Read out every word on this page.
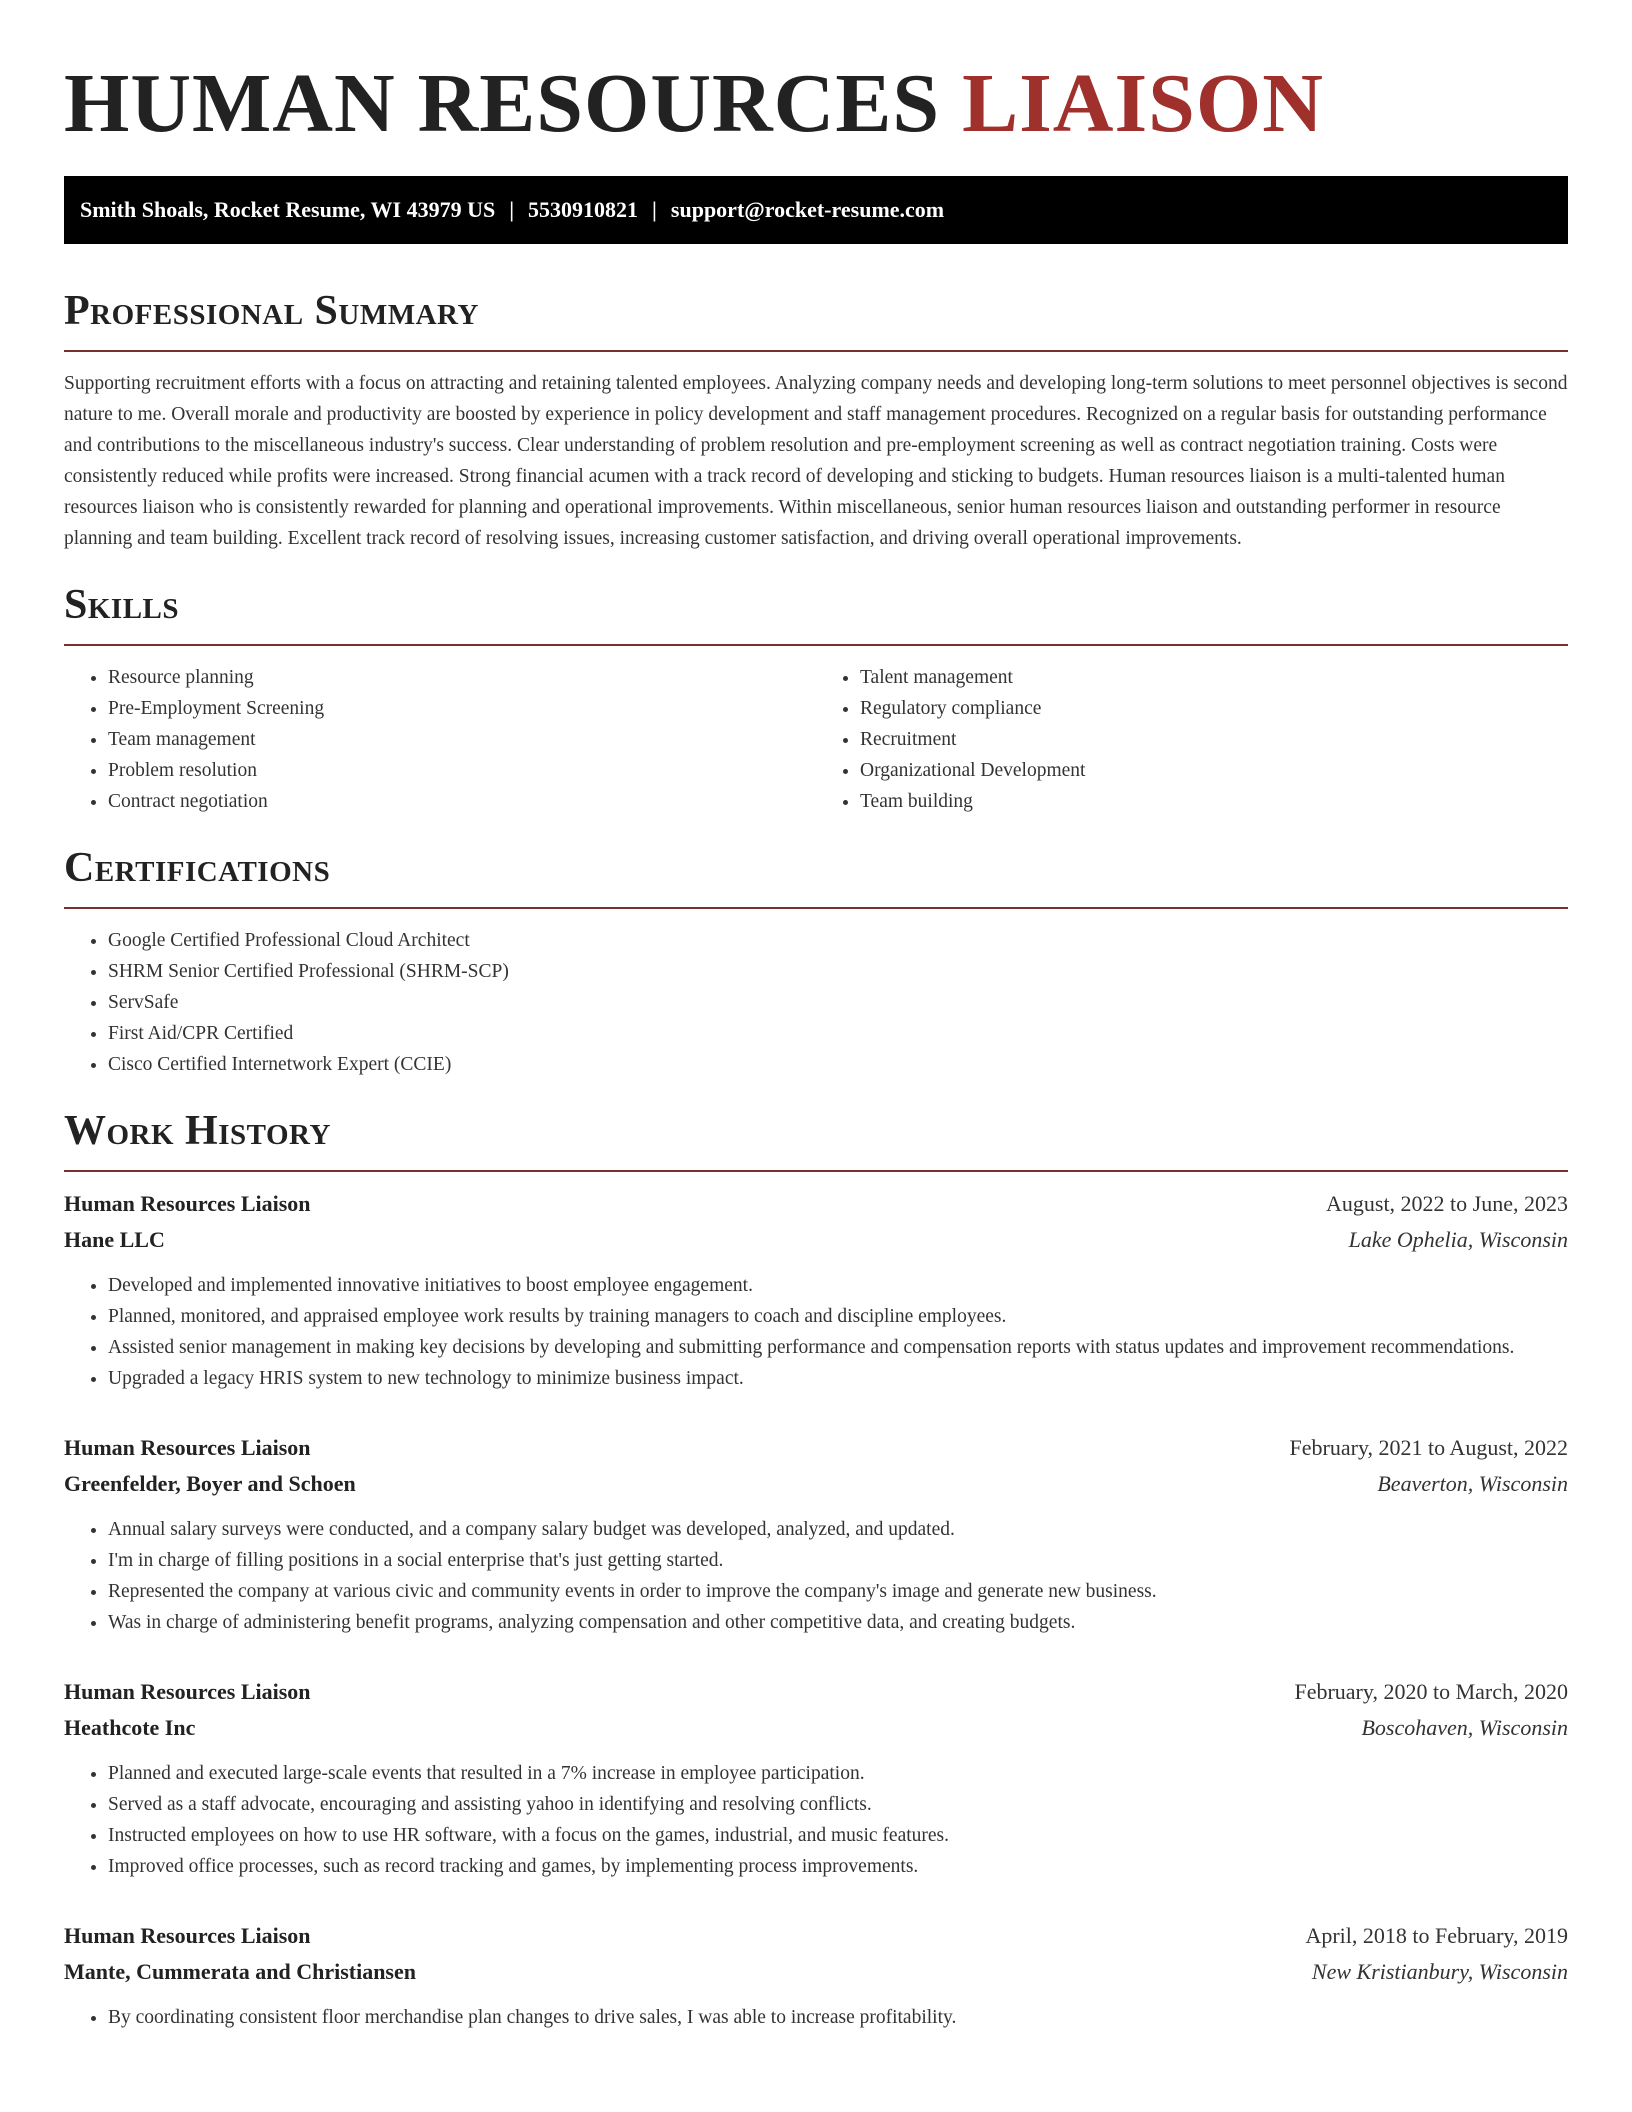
HUMAN RESOURCES LIAISON
Smith Shoals, Rocket Resume, WI 43979 US | 5530910821 | support@rocket-resume.com
Professional Summary

Supporting recruitment efforts with a focus on attracting and retaining talented employees. Analyzing company needs and developing long-term solutions to meet personnel objectives is second nature to me. Overall morale and productivity are boosted by experience in policy development and staff management procedures. Recognized on a regular basis for outstanding performance and contributions to the miscellaneous industry's success. Clear understanding of problem resolution and pre-employment screening as well as contract negotiation training. Costs were consistently reduced while profits were increased. Strong financial acumen with a track record of developing and sticking to budgets. Human resources liaison is a multi-talented human resources liaison who is consistently rewarded for planning and operational improvements. Within miscellaneous, senior human resources liaison and outstanding performer in resource planning and team building. Excellent track record of resolving issues, increasing customer satisfaction, and driving overall operational improvements.

Skills
• Resource planning
• Pre-Employment Screening
• Team management
• Problem resolution
• Contract negotiation
• Talent management
• Regulatory compliance
• Recruitment
• Organizational Development
• Team building
Certifications
• Google Certified Professional Cloud Architect
• SHRM Senior Certified Professional (SHRM-SCP)
• ServSafe
• First Aid/CPR Certified
• Cisco Certified Internetwork Expert (CCIE)
Work History
Human Resources Liaison	August, 2022 to June, 2023
Hane LLC	Lake Ophelia, Wisconsin
• Developed and implemented innovative initiatives to boost employee engagement.
• Planned, monitored, and appraised employee work results by training managers to coach and discipline employees.
• Assisted senior management in making key decisions by developing and submitting performance and compensation reports with status updates and improvement recommendations.
• Upgraded a legacy HRIS system to new technology to minimize business impact.
Human Resources Liaison	February, 2021 to August, 2022
Greenfelder, Boyer and Schoen	Beaverton, Wisconsin
• Annual salary surveys were conducted, and a company salary budget was developed, analyzed, and updated.
• I'm in charge of filling positions in a social enterprise that's just getting started.
• Represented the company at various civic and community events in order to improve the company's image and generate new business.
• Was in charge of administering benefit programs, analyzing compensation and other competitive data, and creating budgets.
Human Resources Liaison	February, 2020 to March, 2020
Heathcote Inc	Boscohaven, Wisconsin
• Planned and executed large-scale events that resulted in a 7% increase in employee participation.
• Served as a staff advocate, encouraging and assisting yahoo in identifying and resolving conflicts.
• Instructed employees on how to use HR software, with a focus on the games, industrial, and music features.
• Improved office processes, such as record tracking and games, by implementing process improvements.
Human Resources Liaison	April, 2018 to February, 2019
Mante, Cummerata and Christiansen	New Kristianbury, Wisconsin
• By coordinating consistent floor merchandise plan changes to drive sales, I was able to increase profitability.
